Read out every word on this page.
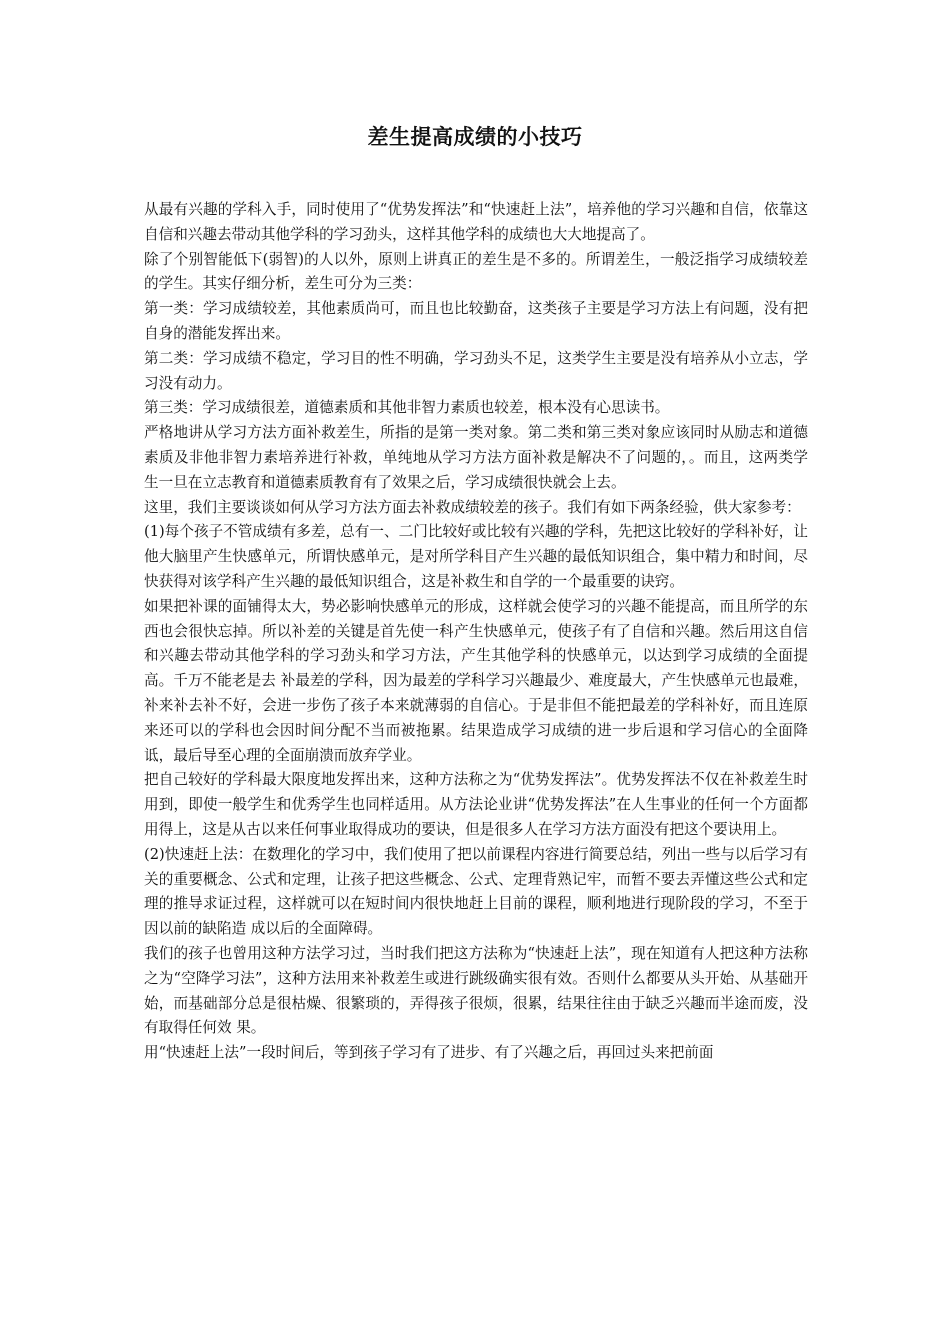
差生提高成绩的小技巧

从最有兴趣的学科入手，同时使用了“优势发挥法”和“快速赶上法”，培养他的学习兴趣和自信，依靠这自信和兴趣去带动其他学科的学习劲头，这样其他学科的成绩也大大地提高了。

除了个别智能低下(弱智)的人以外，原则上讲真正的差生是不多的。所谓差生，一般泛指学习成绩较差的学生。其实仔细分析，差生可分为三类：

第一类：学习成绩较差，其他素质尚可，而且也比较勤奋，这类孩子主要是学习方法上有问题，没有把自身的潜能发挥出来。

第二类：学习成绩不稳定，学习目的性不明确，学习劲头不足，这类学生主要是没有培养从小立志，学习没有动力。

第三类：学习成绩很差，道德素质和其他非智力素质也较差，根本没有心思读书。

严格地讲从学习方法方面补救差生，所指的是第一类对象。第二类和第三类对象应该同时从励志和道德素质及非他非智力素培养进行补救，单纯地从学习方法方面补救是解决不了问题的，。而且，这两类学生一旦在立志教育和道德素质教育有了效果之后，学习成绩很快就会上去。

这里，我们主要谈谈如何从学习方法方面去补救成绩较差的孩子。我们有如下两条经验，供大家参考：

(1)每个孩子不管成绩有多差，总有一、二门比较好或比较有兴趣的学科，先把这比较好的学科补好，让他大脑里产生快感单元，所谓快感单元，是对所学科目产生兴趣的最低知识组合，集中精力和时间，尽快获得对该学科产生兴趣的最低知识组合，这是补救生和自学的一个最重要的诀窍。

如果把补课的面铺得太大，势必影响快感单元的形成，这样就会使学习的兴趣不能提高，而且所学的东西也会很快忘掉。所以补差的关键是首先使一科产生快感单元，使孩子有了自信和兴趣。然后用这自信和兴趣去带动其他学科的学习劲头和学习方法，产生其他学科的快感单元，以达到学习成绩的全面提高。千万不能老是去 补最差的学科，因为最差的学科学习兴趣最少、难度最大，产生快感单元也最难，补来补去补不好，会进一步伤了孩子本来就薄弱的自信心。于是非但不能把最差的学科补好，而且连原来还可以的学科也会因时间分配不当而被拖累。结果造成学习成绩的进一步后退和学习信心的全面降诋，最后导至心理的全面崩溃而放弃学业。

把自己较好的学科最大限度地发挥出来，这种方法称之为“优势发挥法”。优势发挥法不仅在补救差生时用到，即使一般学生和优秀学生也同样适用。从方法论业讲“优势发挥法”在人生事业的任何一个方面都用得上，这是从古以来任何事业取得成功的要诀，但是很多人在学习方法方面没有把这个要诀用上。

(2)快速赶上法：在数理化的学习中，我们使用了把以前课程内容进行简要总结，列出一些与以后学习有关的重要概念、公式和定理，让孩子把这些概念、公式、定理背熟记牢，而暂不要去弄懂这些公式和定理的推导求证过程，这样就可以在短时间内很快地赶上目前的课程，顺利地进行现阶段的学习，不至于因以前的缺陷造 成以后的全面障碍。

我们的孩子也曾用这种方法学习过，当时我们把这方法称为“快速赶上法”，现在知道有人把这种方法称之为“空降学习法”，这种方法用来补救差生或进行跳级确实很有效。否则什么都要从头开始、从基础开始，而基础部分总是很枯燥、很繁琐的，弄得孩子很烦，很累，结果往往由于缺乏兴趣而半途而废，没有取得任何效 果。

用“快速赶上法”一段时间后，等到孩子学习有了进步、有了兴趣之后，再回过头来把前面
